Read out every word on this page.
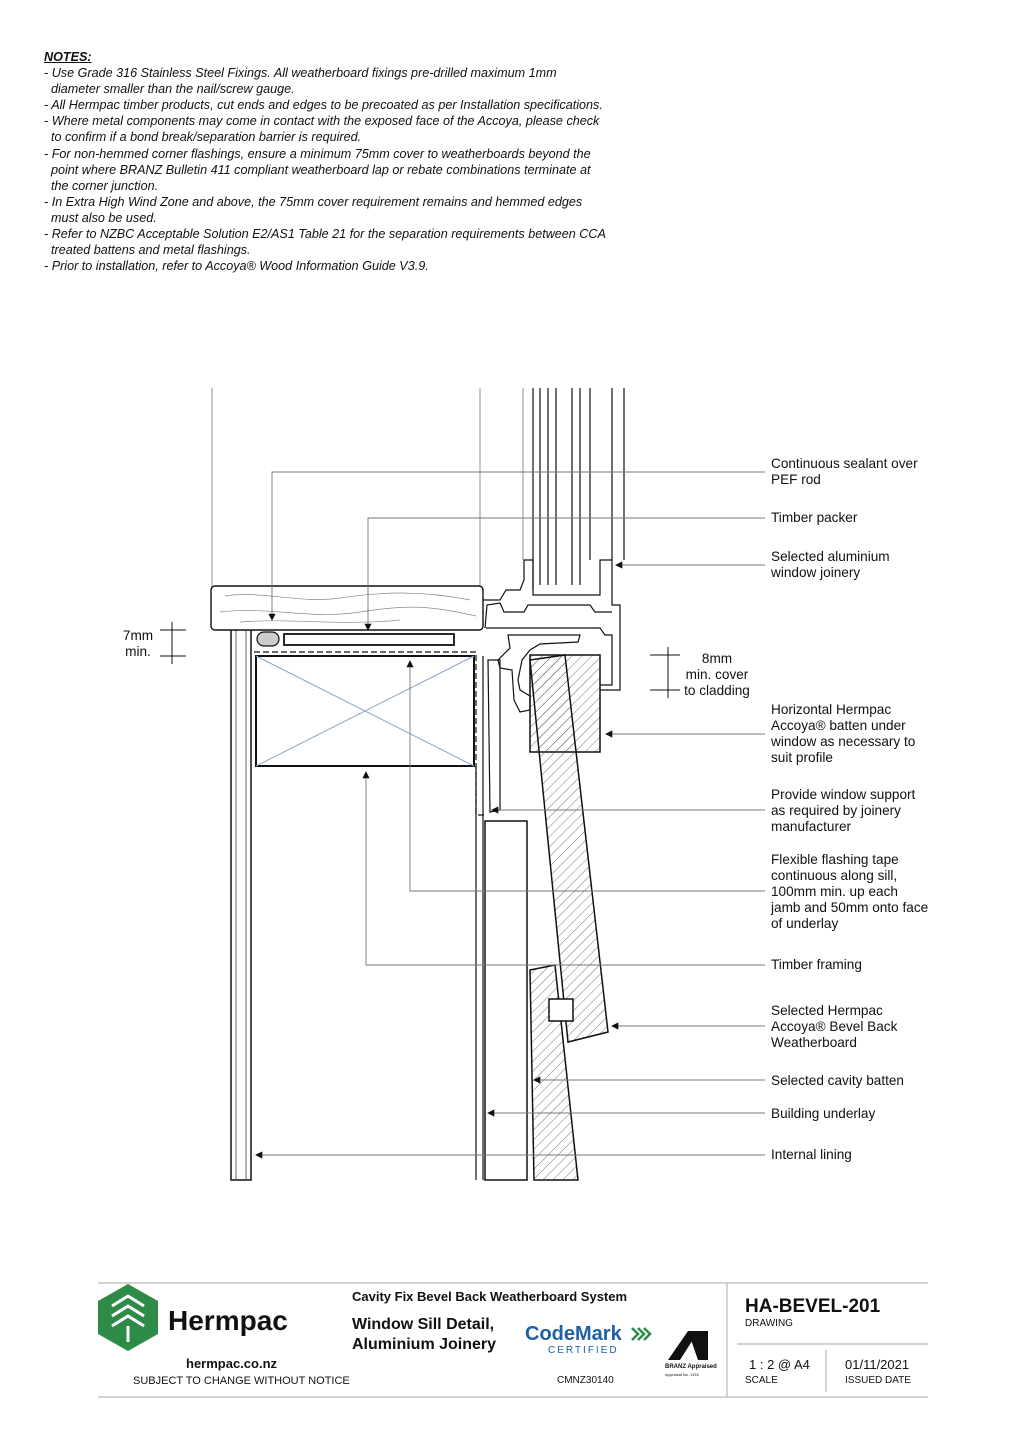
NOTES:
- Use Grade 316 Stainless Steel Fixings. All weatherboard fixings pre-drilled maximum 1mm
diameter smaller than the nail/screw gauge.
- All Hermpac timber products, cut ends and edges to be precoated as per Installation specifications.
- Where metal components may come in contact with the exposed face of the Accoya, please check
to confirm if a bond break/separation barrier is required.
- For non-hemmed corner flashings, ensure a minimum 75mm cover to weatherboards beyond the
point where BRANZ Bulletin 411 compliant weatherboard lap or rebate combinations terminate at
the corner junction.
- In Extra High Wind Zone and above, the 75mm cover requirement remains and hemmed edges
must also be used.
- Refer to NZBC Acceptable Solution E2/AS1 Table 21 for the separation requirements between CCA
treated battens and metal flashings.
- Prior to installation, refer to Accoya® Wood Information Guide V3.9.
Continuous sealant over
PEF rod
Timber packer
Selected aluminium
window joinery
Horizontal Hermpac
Accoya® batten under
window as necessary to
suit profile
Provide window support
as required by joinery
manufacturer
Flexible flashing tape
continuous along sill,
100mm min. up each
jamb and 50mm onto face
of underlay
Timber framing
Selected Hermpac
Accoya® Bevel Back
Weatherboard
Selected cavity batten
Building underlay
Internal lining
7mm
min.	8mm
min. cover
to cladding
Hermpac
hermpac.co.nz
SUBJECT TO CHANGE WITHOUT NOTICE
Cavity Fix Bevel Back Weatherboard System
Window Sill Detail,
Aluminium Joinery CodeMark
CERTIFIED
CMNZ30140
BRANZ Appraised
Appraisal No. 1133
HA-BEVEL-201
DRAWING
1 : 2 @ A4
SCALE
01/11/2021
ISSUED DATE
